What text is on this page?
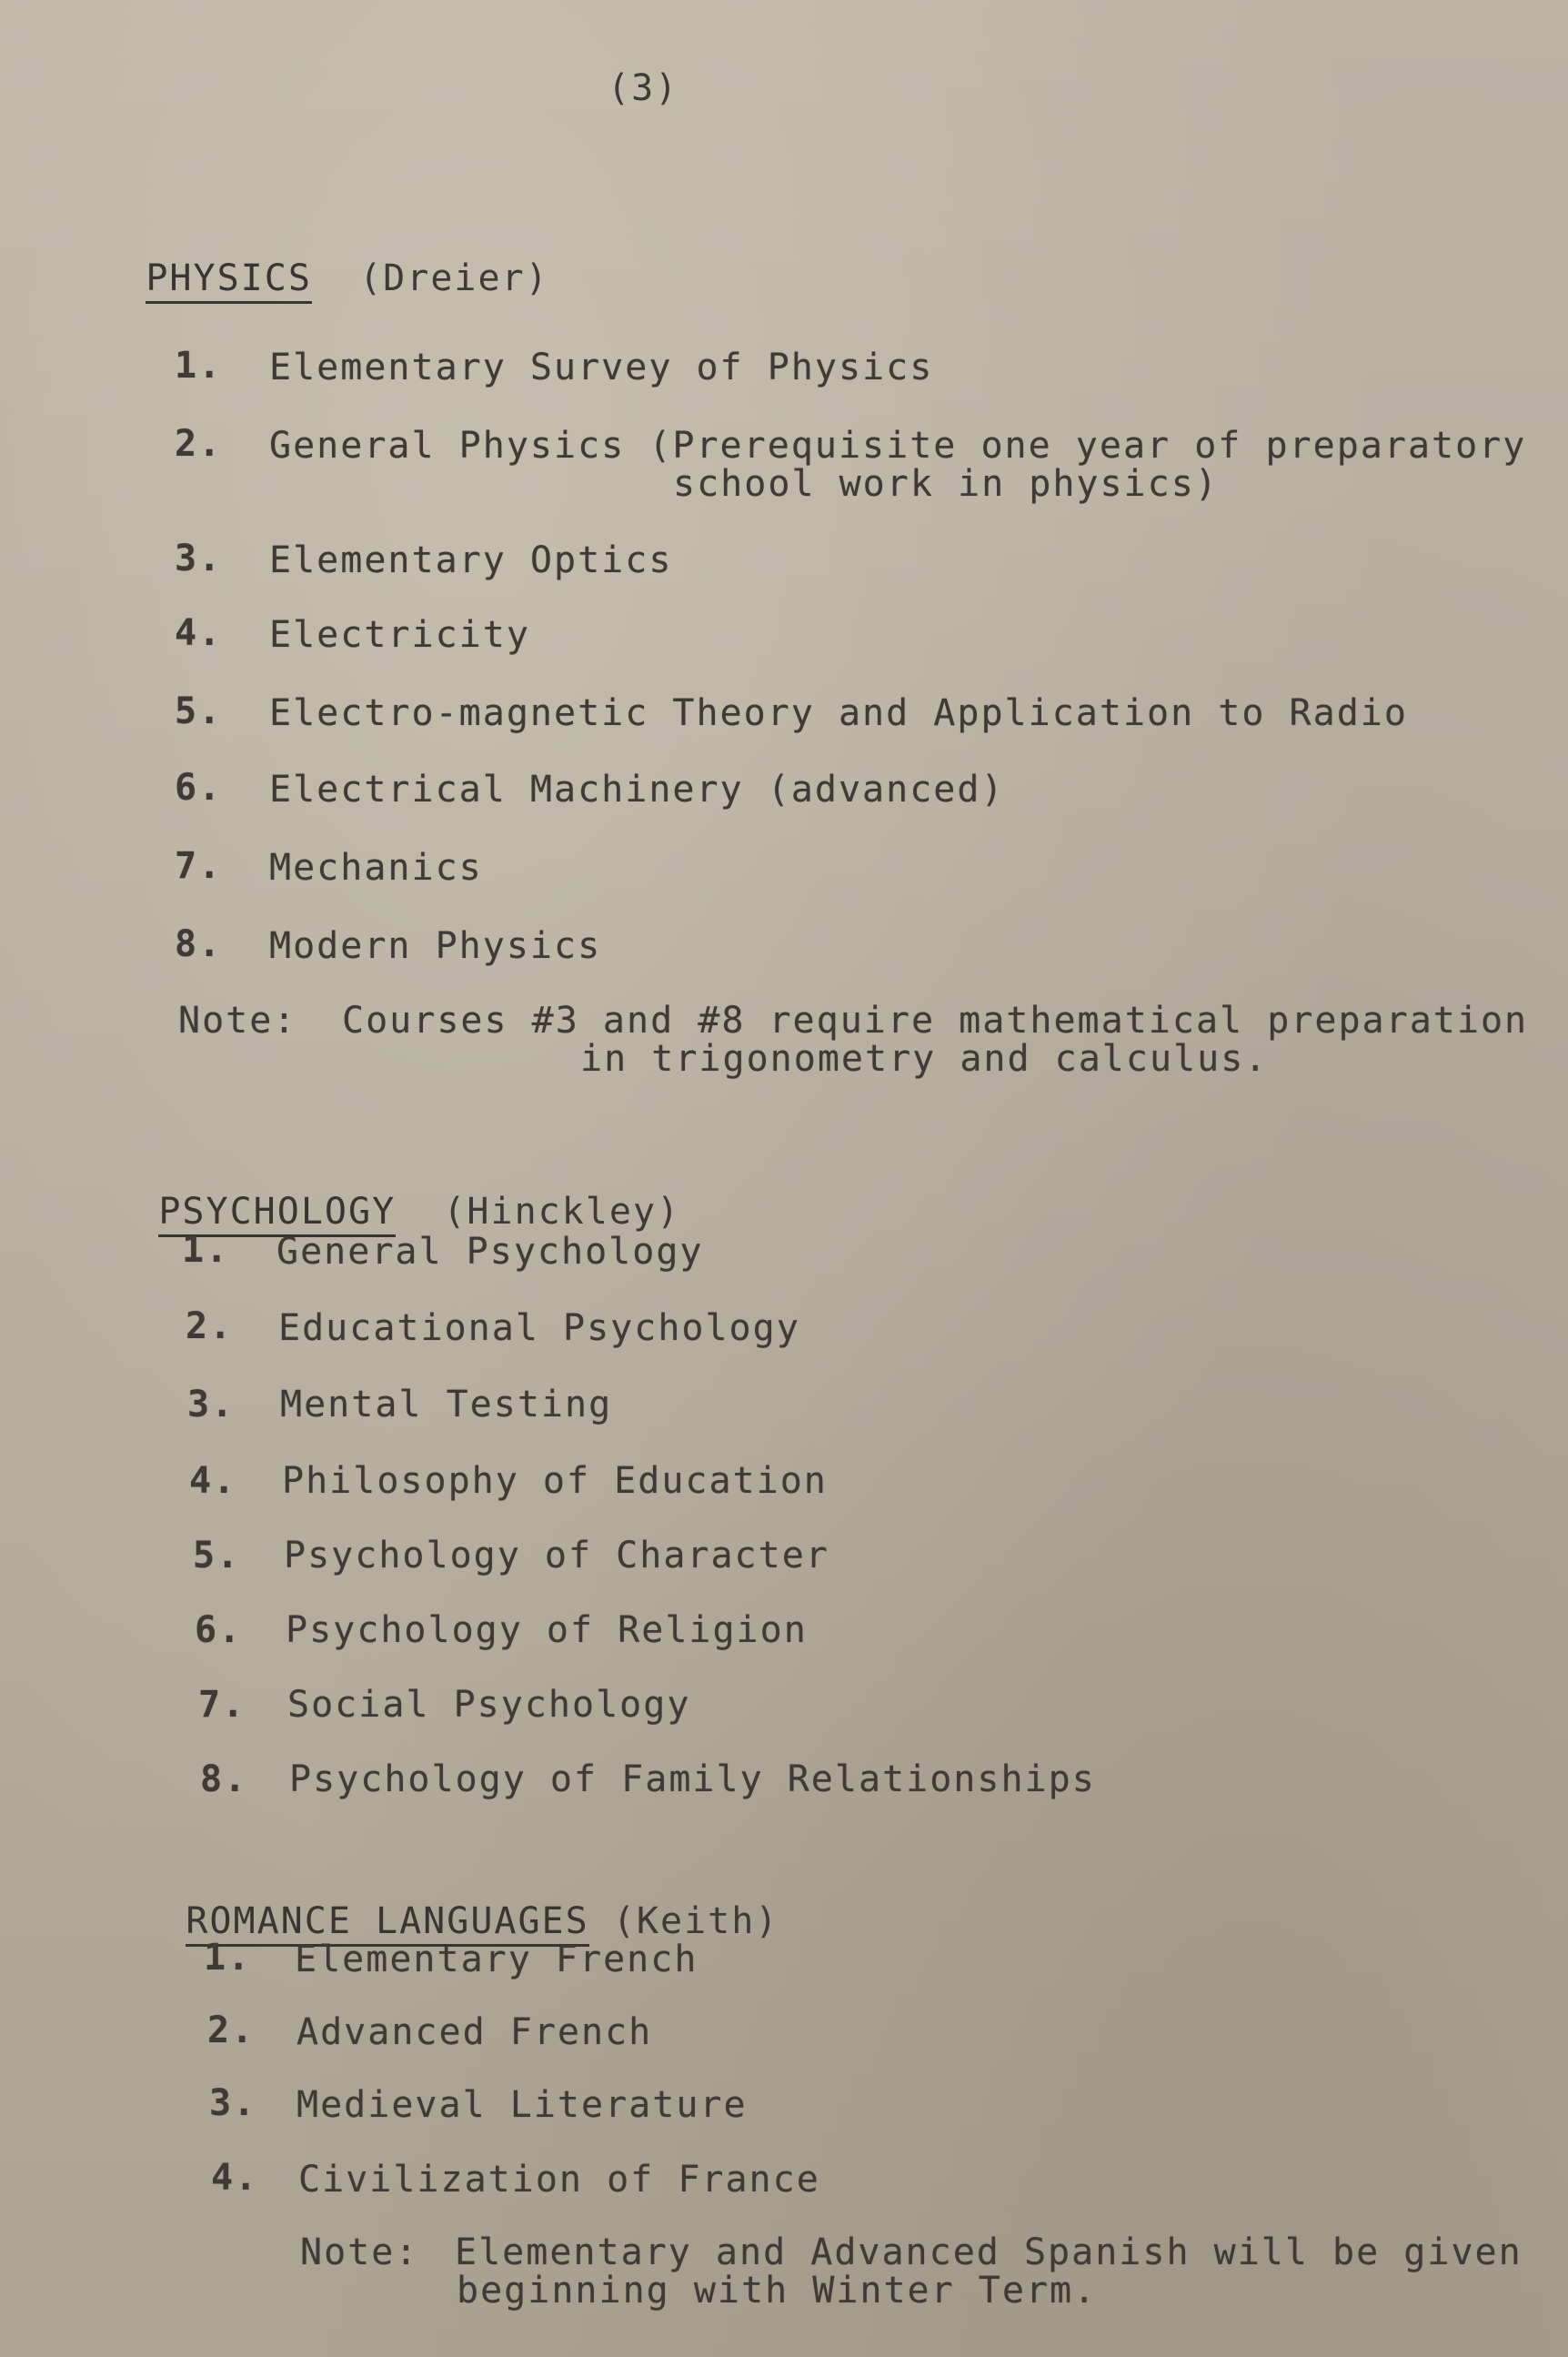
(3)

PHYSICS (Dreier)

1. Elementary Survey of Physics
2. General Physics (Prerequisite one year of preparatory
school work in physics)
3. Elementary Optics
4. Electricity
5. Electro-magnetic Theory and Application to Radio
6. Electrical Machinery (advanced)
7. Mechanics
8. Modern Physics
Note: Courses #3 and #8 require mathematical preparation
in trigonometry and calculus.

PSYCHOLOGY (Hinckley)

1. General Psychology
2. Educational Psychology
3. Mental Testing
4. Philosophy of Education
5. Psychology of Character
6. Psychology of Religion
7. Social Psychology
8. Psychology of Family Relationships

ROMANCE LANGUAGES (Keith)

1. Elementary French
2. Advanced French
3. Medieval Literature
4. Civilization of France
Note: Elementary and Advanced Spanish will be given
beginning with Winter Term.
